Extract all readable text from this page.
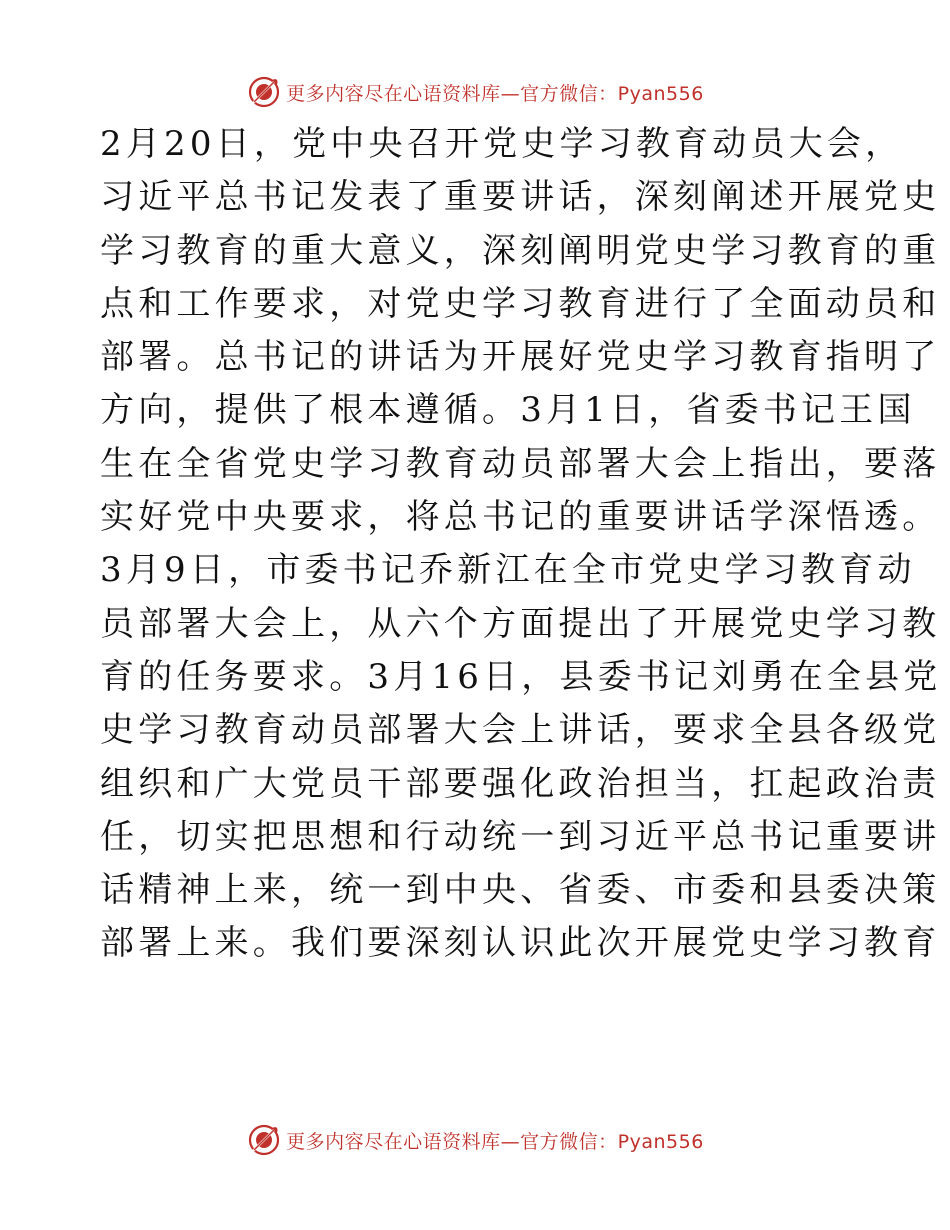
更多内容尽在心语资料库—官方微信：Pyan556
2月20日，党中央召开党史学习教育动员大会，
习近平总书记发表了重要讲话，深刻阐述开展党史
学习教育的重大意义，深刻阐明党史学习教育的重
点和工作要求，对党史学习教育进行了全面动员和
部署。总书记的讲话为开展好党史学习教育指明了
方向，提供了根本遵循。3月1日，省委书记王国
生在全省党史学习教育动员部署大会上指出，要落
实好党中央要求，将总书记的重要讲话学深悟透。
3月9日，市委书记乔新江在全市党史学习教育动
员部署大会上，从六个方面提出了开展党史学习教
育的任务要求。3月16日，县委书记刘勇在全县党
史学习教育动员部署大会上讲话，要求全县各级党
组织和广大党员干部要强化政治担当，扛起政治责
任，切实把思想和行动统一到习近平总书记重要讲
话精神上来，统一到中央、省委、市委和县委决策
部署上来。我们要深刻认识此次开展党史学习教育
更多内容尽在心语资料库—官方微信：Pyan556
